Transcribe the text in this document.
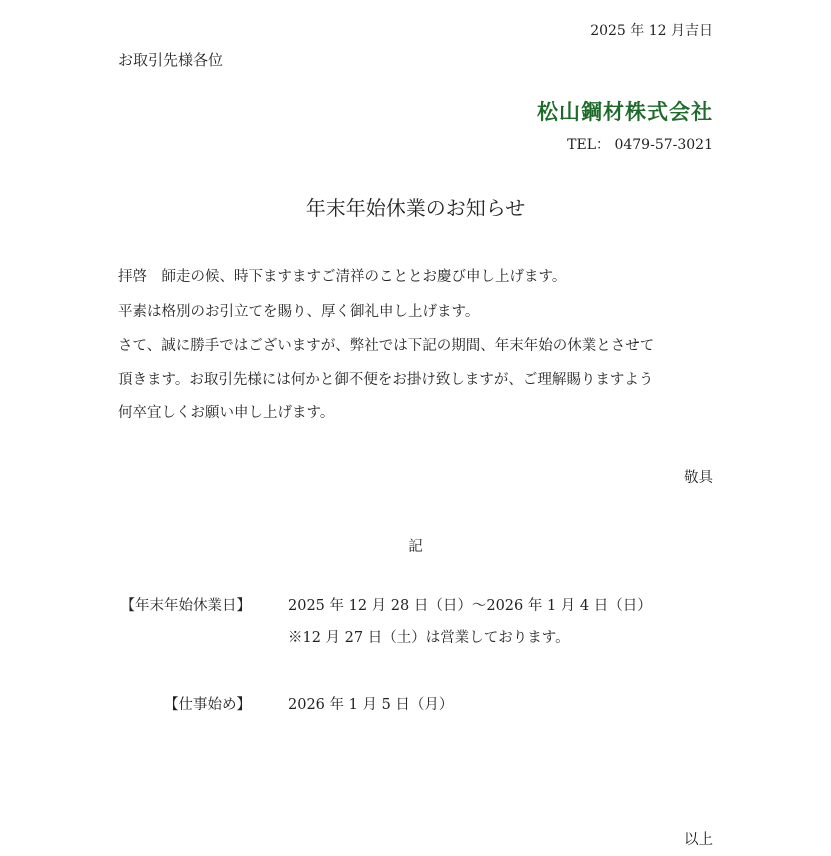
2025 年 12 月吉日
お取引先様各位
松山鋼材株式会社
TEL： 0479-57-3021
年末年始休業のお知らせ
拝啓　師走の候、時下ますますご清祥のこととお慶び申し上げます。
平素は格別のお引立てを賜り、厚く御礼申し上げます。
さて、誠に勝手ではございますが、弊社では下記の期間、年末年始の休業とさせて
頂きます。お取引先様には何かと御不便をお掛け致しますが、ご理解賜りますよう
何卒宜しくお願い申し上げます。
敬具
記
【年末年始休業日】	2025 年 12 月 28 日（日）～2026 年 1 月 4 日（日）
※12 月 27 日（土）は営業しております。
【仕事始め】	2026 年 1 月 5 日（月）
以上
